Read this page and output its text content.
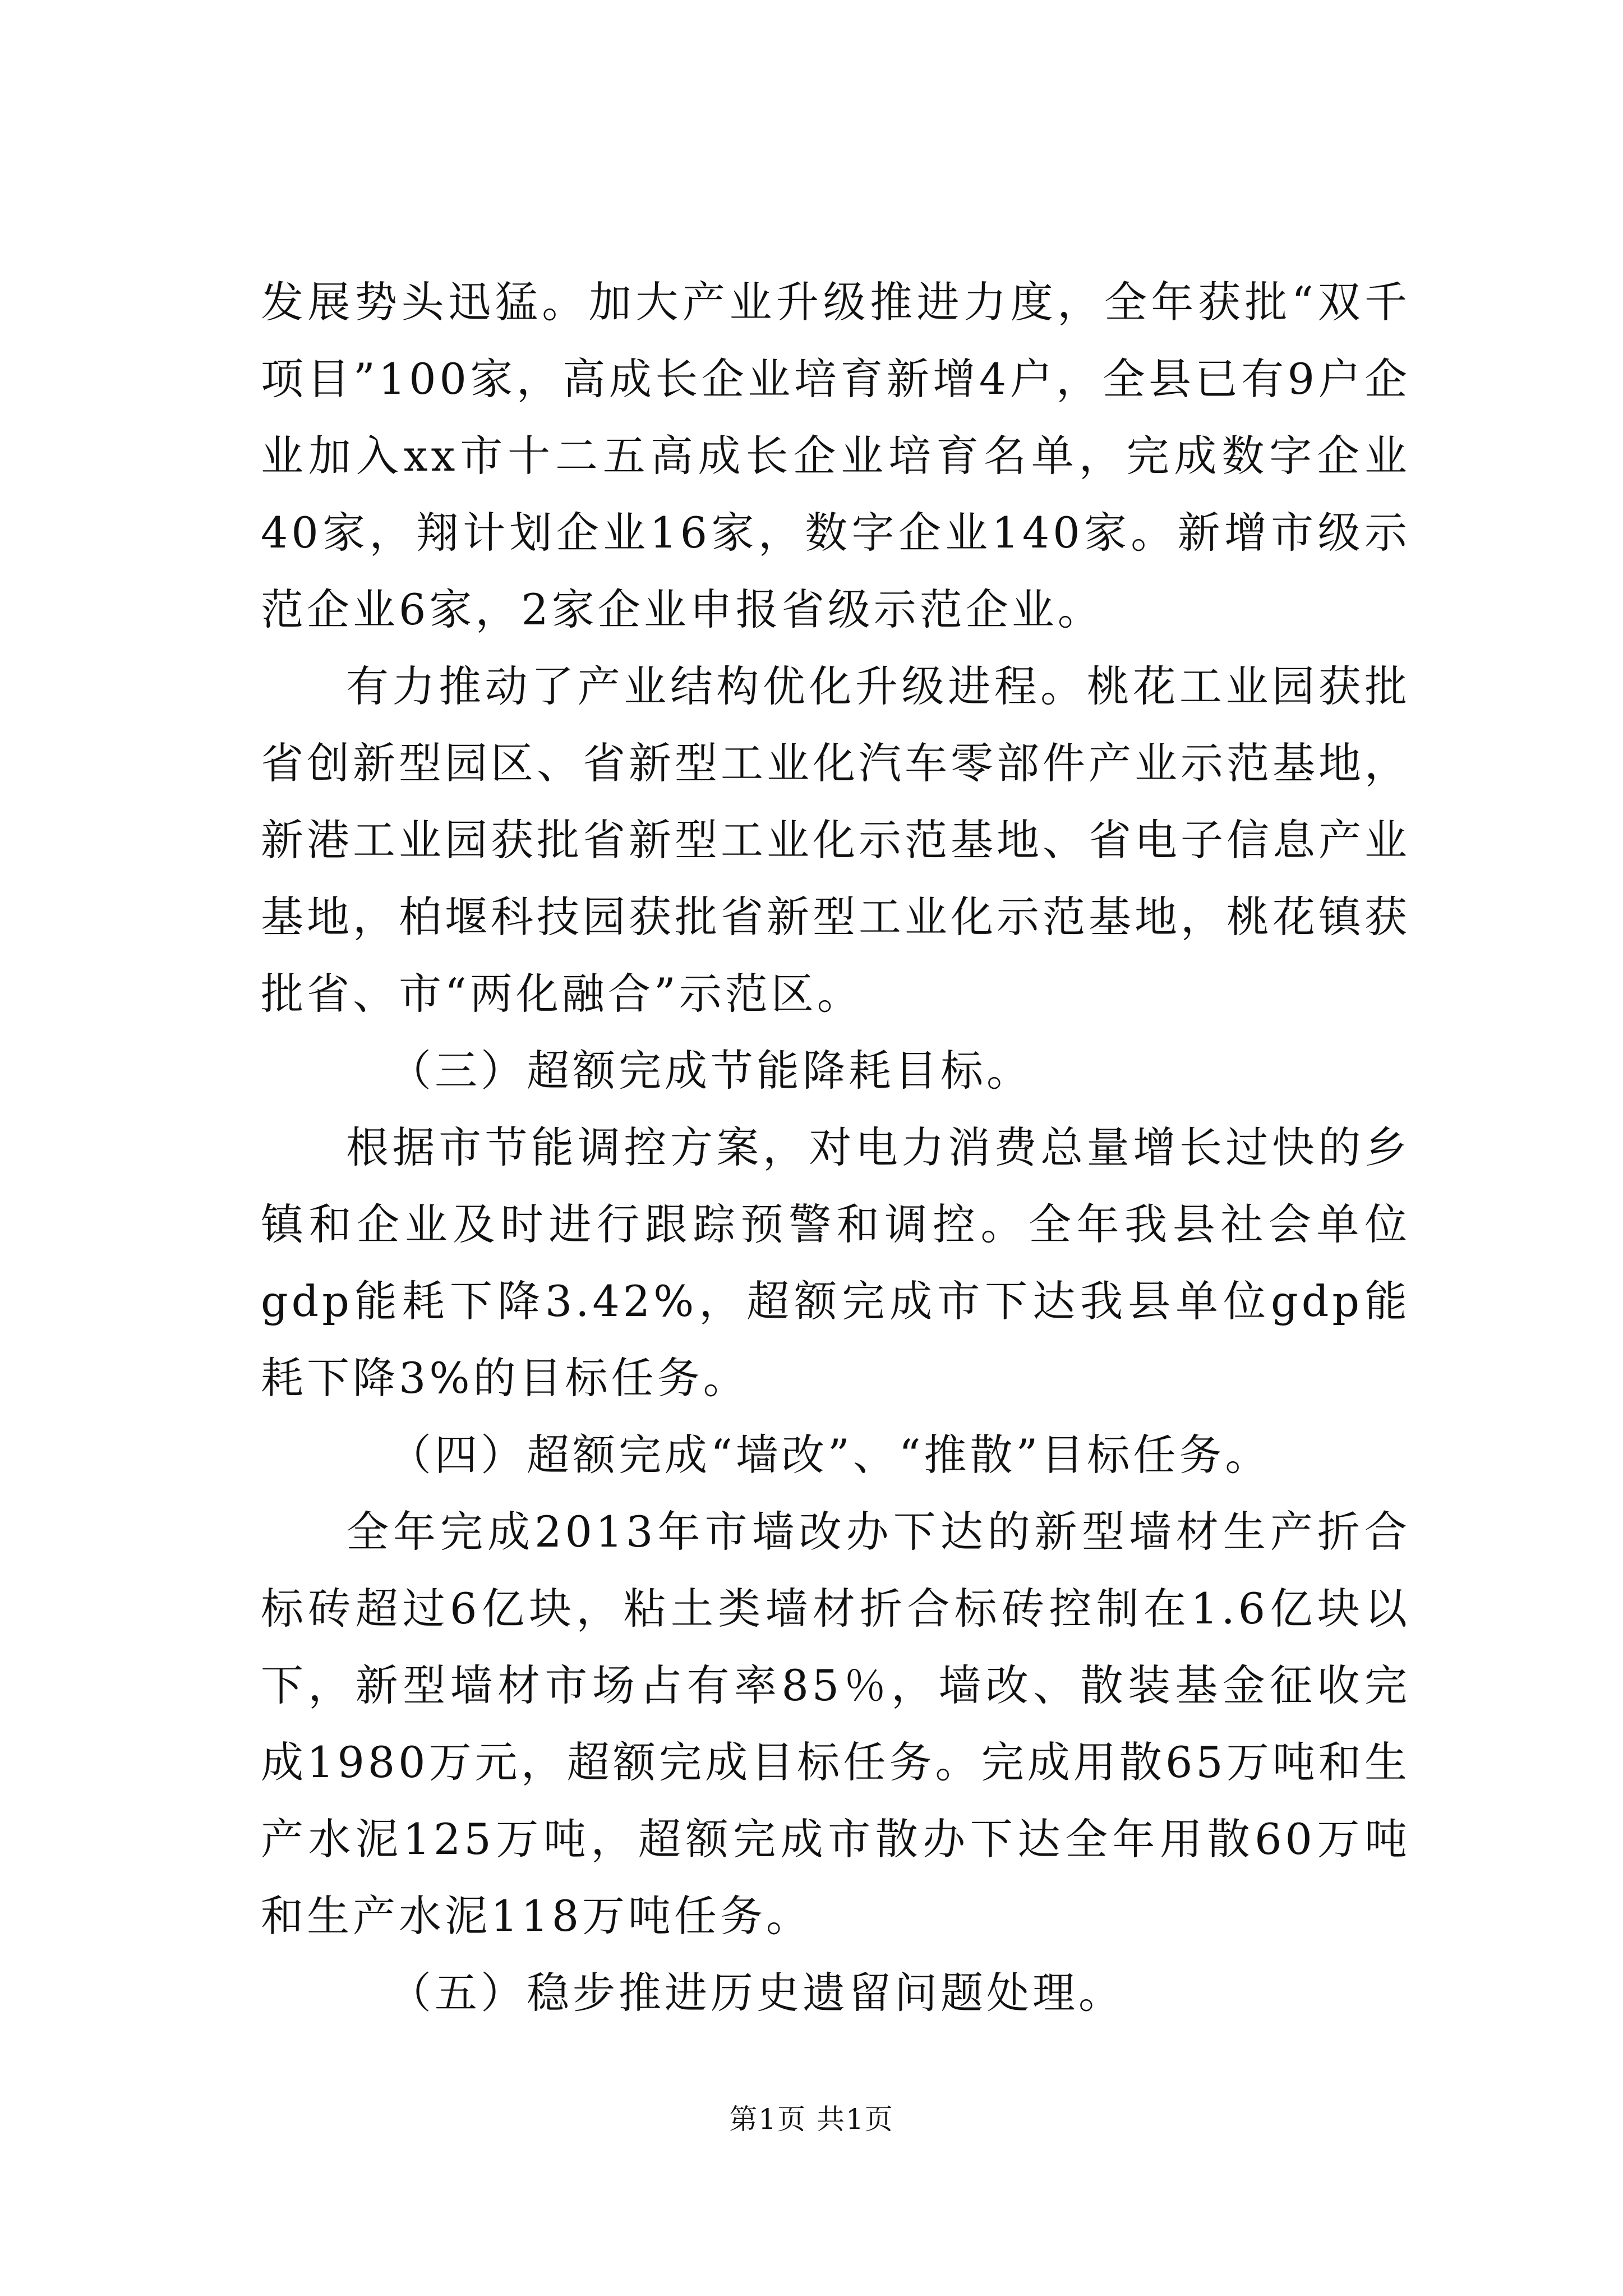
发展势头迅猛。加大产业升级推进力度，全年获批“双千项目”100家，高成长企业培育新增4户，全县已有9户企业加入xx市十二五高成长企业培育名单，完成数字企业40家，翔计划企业16家，数字企业140家。新增市级示范企业6家，2家企业申报省级示范企业。

有力推动了产业结构优化升级进程。桃花工业园获批省创新型园区、省新型工业化汽车零部件产业示范基地，新港工业园获批省新型工业化示范基地、省电子信息产业基地，柏堰科技园获批省新型工业化示范基地，桃花镇获批省、市“两化融合”示范区。

（三）超额完成节能降耗目标。

根据市节能调控方案，对电力消费总量增长过快的乡镇和企业及时进行跟踪预警和调控。全年我县社会单位gdp能耗下降3.42%，超额完成市下达我县单位gdp能耗下降3%的目标任务。

（四）超额完成“墙改”、“推散”目标任务。

全年完成2013年市墙改办下达的新型墙材生产折合标砖超过6亿块，粘土类墙材折合标砖控制在1.6亿块以下，新型墙材市场占有率85％，墙改、散装基金征收完成1980万元，超额完成目标任务。完成用散65万吨和生产水泥125万吨，超额完成市散办下达全年用散60万吨和生产水泥118万吨任务。

（五）稳步推进历史遗留问题处理。

第1页 共1页
